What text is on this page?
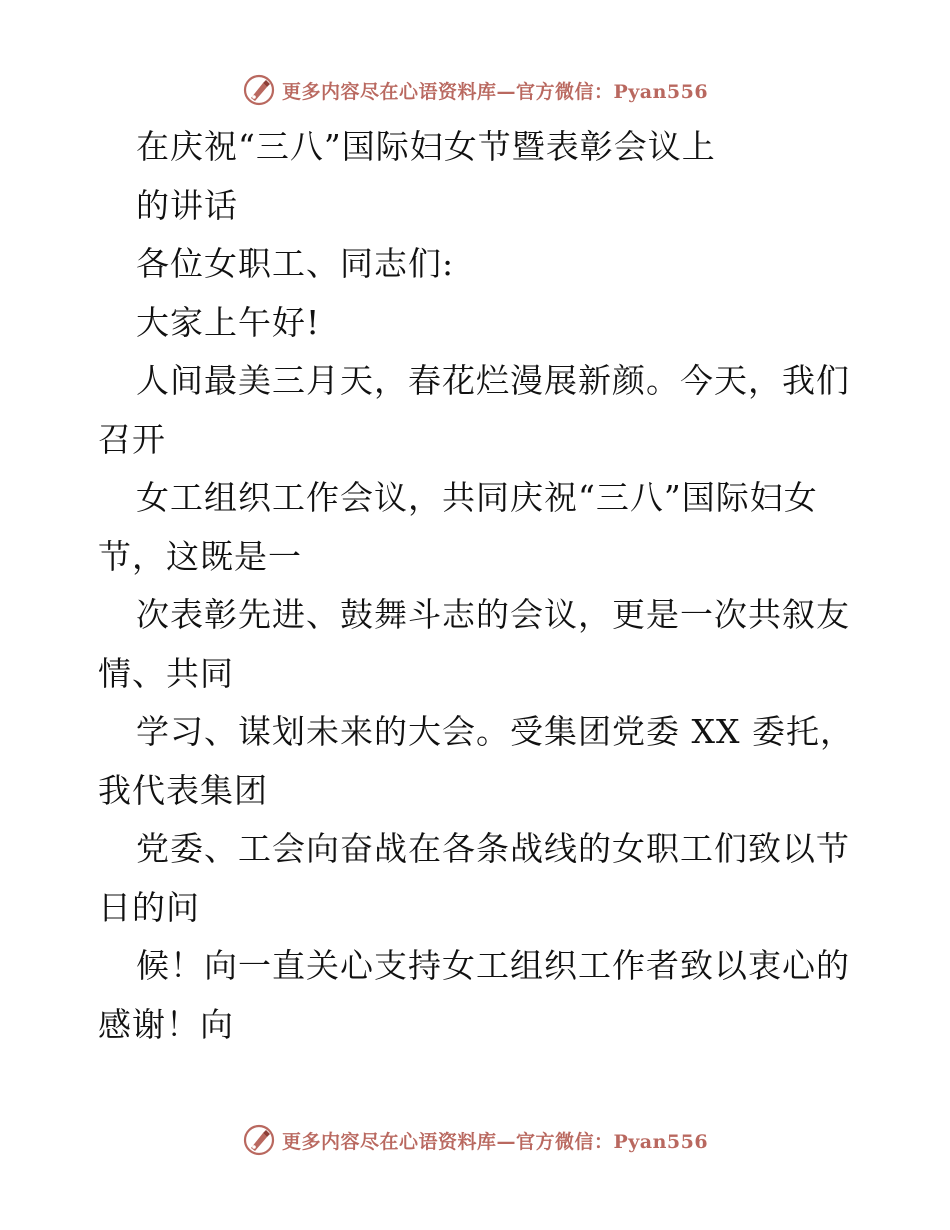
更多内容尽在心语资料库—官方微信：Pyan556
在庆祝“三八”国际妇女节暨表彰会议上
的讲话
各位女职工、同志们:
大家上午好!
人间最美三月天，春花烂漫展新颜。今天，我们
召开
女工组织工作会议，共同庆祝“三八”国际妇女
节，这既是一
次表彰先进、鼓舞斗志的会议，更是一次共叙友
情、共同
学习、谋划未来的大会。受集团党委 XX 委托，
我代表集团
党委、工会向奋战在各条战线的女职工们致以节
日的问
候！向一直关心支持女工组织工作者致以衷心的
感谢！向
更多内容尽在心语资料库—官方微信：Pyan556
